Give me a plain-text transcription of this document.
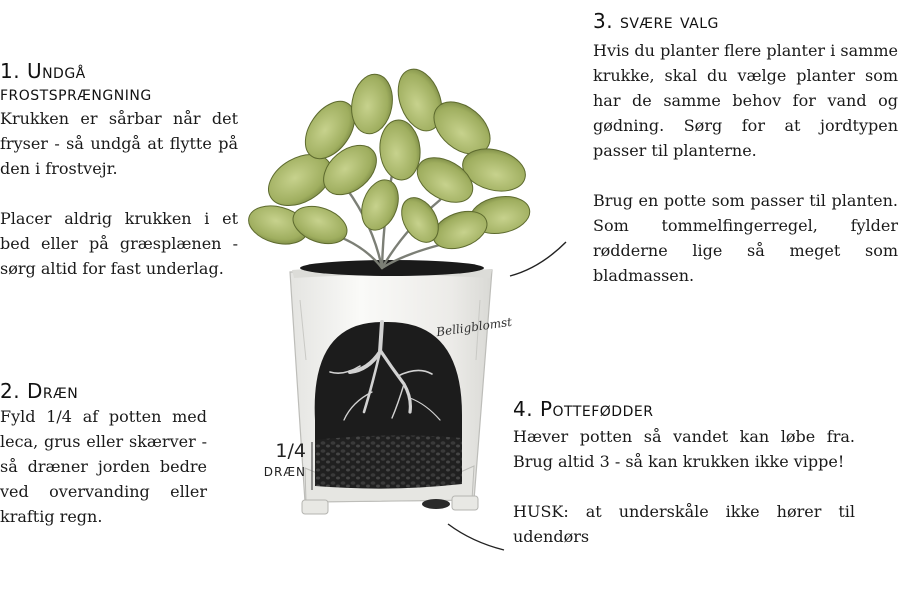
Belligblomst
1/4
dræn
1. Undgå frostsprængning

Krukken er sårbar når det fryser - så undgå at flytte på den i frostvejr.

Placer aldrig krukken i et bed eller på græsplænen - sørg altid for fast underlag.

2. Dræn

Fyld 1/4 af potten med leca, grus eller skærver - så dræner jorden bedre ved overvanding eller kraftig regn.

3. svære valg

Hvis du planter flere planter i samme krukke, skal du vælge planter som har de samme behov for vand og gødning. Sørg for at jordtypen passer til planterne.

Brug en potte som passer til planten. Som tommelfingerregel, fylder rødderne lige så meget som bladmassen.

4. Pottefødder

Hæver potten så vandet kan løbe fra. Brug altid 3 - så kan krukken ikke vippe!

HUSK: at underskåle ikke hører til udendørs
